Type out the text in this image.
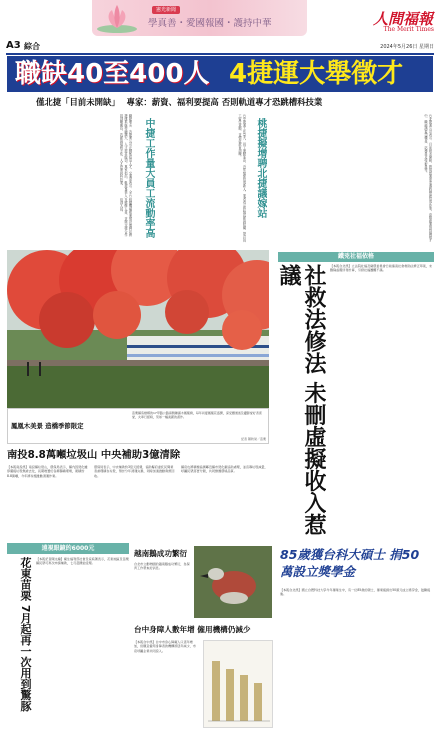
憲光新聞
學真善・愛國報國・護持中華	人間福報
The Merit Times
A3 綜合	2024年5月26日 星期日
職缺40至400人 4捷運大舉徵才
僅北捷「目前未開缺」 專家：薪資、福利要提高 否則軌道專才恐跳槽科技業
職缺眾多，各捷運公司正積極招募人才。交通部表示，全台捷運系統持續擴大，人才需求殷切。專家指出，軌道專業人員訓練期長，若薪資福利不佳，人才恐流向科技業。
桃園機場捷運預計增聘站務及維修人員，並與北捷合作培訓人員。	中捷工作量大員工流動率高	台中捷運工作量大，員工流動率高，近年頻繁招募新人。業者表示將檢討薪資結構，提升員工留任意願，並強化教育訓練。	桃捷擬增聘北捷議嫁站	台北捷運公司表示，目前尚未開缺，將視營運需求適時辦理招募作業。高雄捷運則持續徵才中，職缺涵蓋司機員、站務員及技術員等。
鳳凰木美景 造橋季節限定
苗栗縣造橋鄉的17甲路公路兩側種滿木鳳凰樹，每年初夏鳳凰花盛開，深受鐵道迷及攝影愛好者喜愛，火車行經時，宛如一幅美麗的畫作。
記者 陳秋榮／苗栗
南投8.8萬噸垃圾山 中央補助3億清除
【本報南投訊】南投縣垃圾山，環保局表示，縣內因焚化爐停擺後垃圾無處去化，長期堆置於各鄉鎮掩埋場，累積約8.8萬噸，今年將持續推動清運作業。
環保局表示，中央補助約3億元經費，協助縣府委託民間業者處理積存垃圾，預計分年清運完畢，同時加速推動資源回收。
縣府也將積極協調鄰近縣市焚化廠協助處理，並宣導垃圾減量，呼籲民眾落實分類，共同維護環境品質。
遠視眼鏡的6000元
花東苗栗 7月起再一次用到驚豚 【本報記者陳文編】衛生福利部社會及家庭署表示，花東地區及苗栗縣民眾可再次申請補助，七月起開始受理。
越南鵝成功繁衍
台北市立動物園的越南鵝成功繁衍，為保育工作帶來好消息。
台中身障人數年增 僱用機構仍減少
【本報台中訊】台中市身心障礙人口逐年增加，但願意僱用身障者的機構卻逐年減少，市府呼籲企業共同投入。
鐵兇社福依格
社救法修法 未刪虛擬收入惹議	【本報台北訊】立法院社福及衛環委員會日前審查社會救助法修正草案，未刪除虛擬所得計算，引發社福團體不滿。
85歲獲台科大碩士 捐50萬設立獎學金
【本報台北訊】國立台灣科技大學今年畢業生中，有一位85歲的碩士，畢業後捐出50萬元成立獎學金，鼓勵後進。
